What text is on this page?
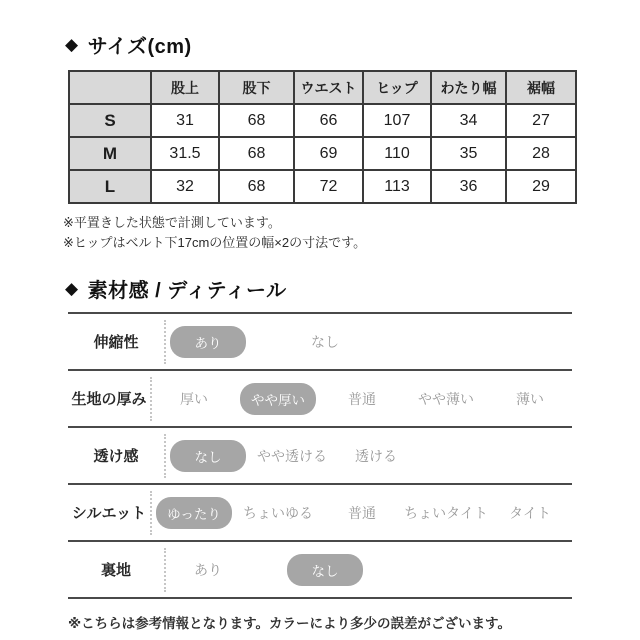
◆ サイズ(cm)
	股上	股下	ウエスト	ヒップ	わたり幅	裾幅
S	31	68	66	107	34	27
M	31.5	68	69	110	35	28
L	32	68	72	113	36	29
※平置きした状態で計測しています。
※ヒップはベルト下17cmの位置の幅×2の寸法です。
◆ 素材感 / ディティール
伸縮性	あり	なし
生地の厚み 厚い	やや厚い	普通	やや薄い	薄い
透け感	なし	やや透ける 透ける
シルエット	ゆったり	ちょいゆる	普通 ちょいタイト タイト
裏地	あり	なし
※こちらは参考情報となります。カラーにより多少の誤差がございます。
